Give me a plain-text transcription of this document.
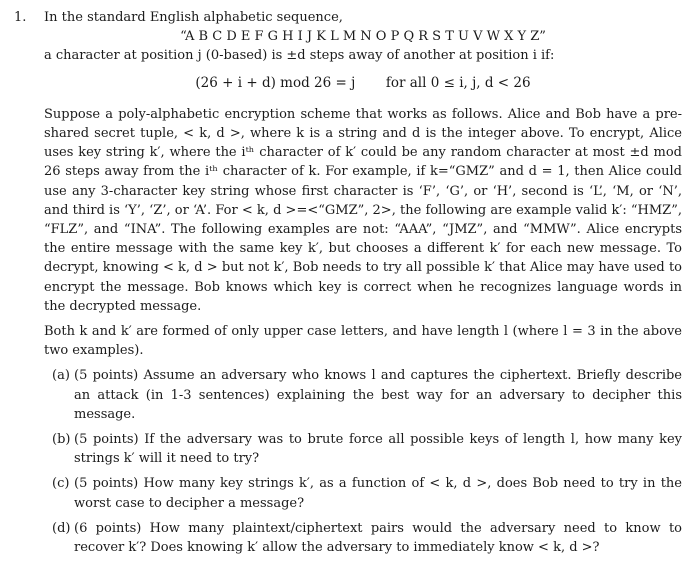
1.	In the standard English alphabetic sequence,
“A B C D E F G H I J K L M N O P Q R S T U V W X Y Z”
a character at position j (0-based) is ±d steps away of another at position i if:
(26 + i + d) mod 26 = j for all 0 ≤ i, j, d < 26

Suppose a poly-alphabetic encryption scheme that works as follows. Alice and Bob have a pre-shared secret tuple, < k, d >, where k is a string and d is the integer above. To encrypt, Alice uses key string k′, where the iᵗʰ character of k′ could be any random character at most ±d mod 26 steps away from the iᵗʰ character of k. For example, if k=“GMZ” and d = 1, then Alice could use any 3-character key string whose first character is ‘F’, ‘G’, or ‘H’, second is ‘L’, ‘M, or ‘N’, and third is ‘Y’, ‘Z’, or ‘A’. For < k, d >=<“GMZ”, 2>, the following are example valid k′: “HMZ”, “FLZ”, and “INA”. The following examples are not: “AAA”, “JMZ”, and “MMW”. Alice encrypts the entire message with the same key k′, but chooses a different k′ for each new message. To decrypt, knowing < k, d > but not k′, Bob needs to try all possible k′ that Alice may have used to encrypt the message. Bob knows which key is correct when he recognizes language words in the decrypted message.

Both k and k′ are formed of only upper case letters, and have length l (where l = 3 in the above two examples).

(a) (5 points) Assume an adversary who knows l and captures the ciphertext. Briefly describe an attack (in 1-3 sentences) explaining the best way for an adversary to decipher this message.
(b) (5 points) If the adversary was to brute force all possible keys of length l, how many key strings k′ will it need to try?
(c) (5 points) How many key strings k′, as a function of < k, d >, does Bob need to try in the worst case to decipher a message?
(d) (6 points) How many plaintext/ciphertext pairs would the adversary need to know to recover k′? Does knowing k′ allow the adversary to immediately know < k, d >?
